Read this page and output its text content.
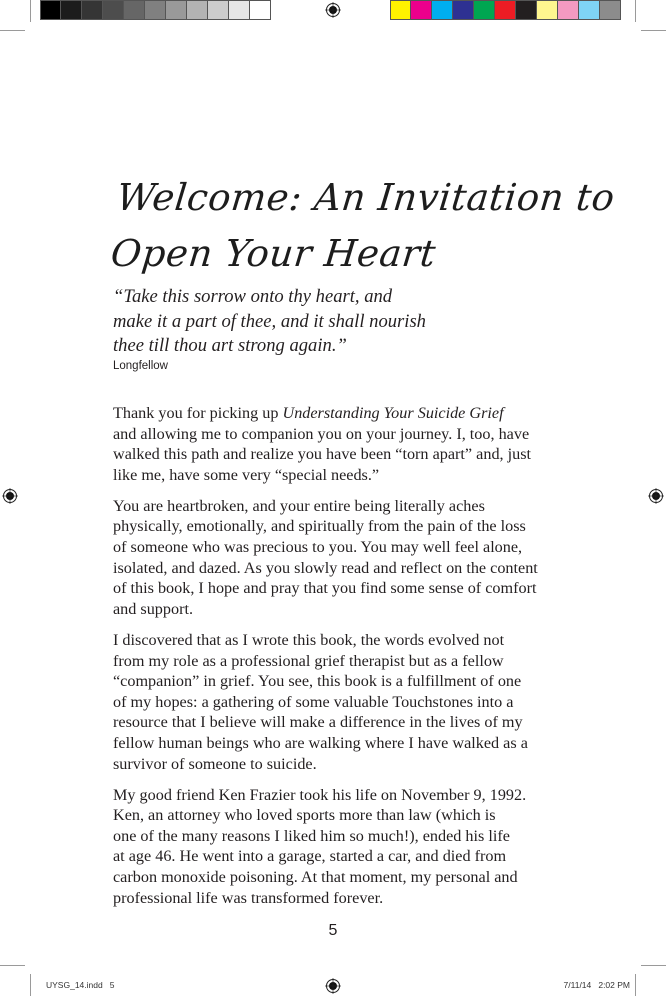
Welcome: An Invitation to
Open Your Heart
“Take this sorrow onto thy heart, and
make it a part of thee, and it shall nourish
thee till thou art strong again.”
Longfellow

Thank you for picking up Understanding Your Suicide Grief
and allowing me to companion you on your journey. I, too, have
walked this path and realize you have been “torn apart” and, just
like me, have some very “special needs.”

You are heartbroken, and your entire being literally aches
physically, emotionally, and spiritually from the pain of the loss
of someone who was precious to you. You may well feel alone,
isolated, and dazed. As you slowly read and reflect on the content
of this book, I hope and pray that you find some sense of comfort
and support.

I discovered that as I wrote this book, the words evolved not
from my role as a professional grief therapist but as a fellow
“companion” in grief. You see, this book is a fulfillment of one
of my hopes: a gathering of some valuable Touchstones into a
resource that I believe will make a difference in the lives of my
fellow human beings who are walking where I have walked as a
survivor of someone to suicide.

My good friend Ken Frazier took his life on November 9, 1992.
Ken, an attorney who loved sports more than law (which is
one of the many reasons I liked him so much!), ended his life
at age 46. He went into a garage, started a car, and died from
carbon monoxide poisoning. At that moment, my personal and
professional life was transformed forever.

5
UYSG_14.indd   5	7/11/14   2:02 PM
